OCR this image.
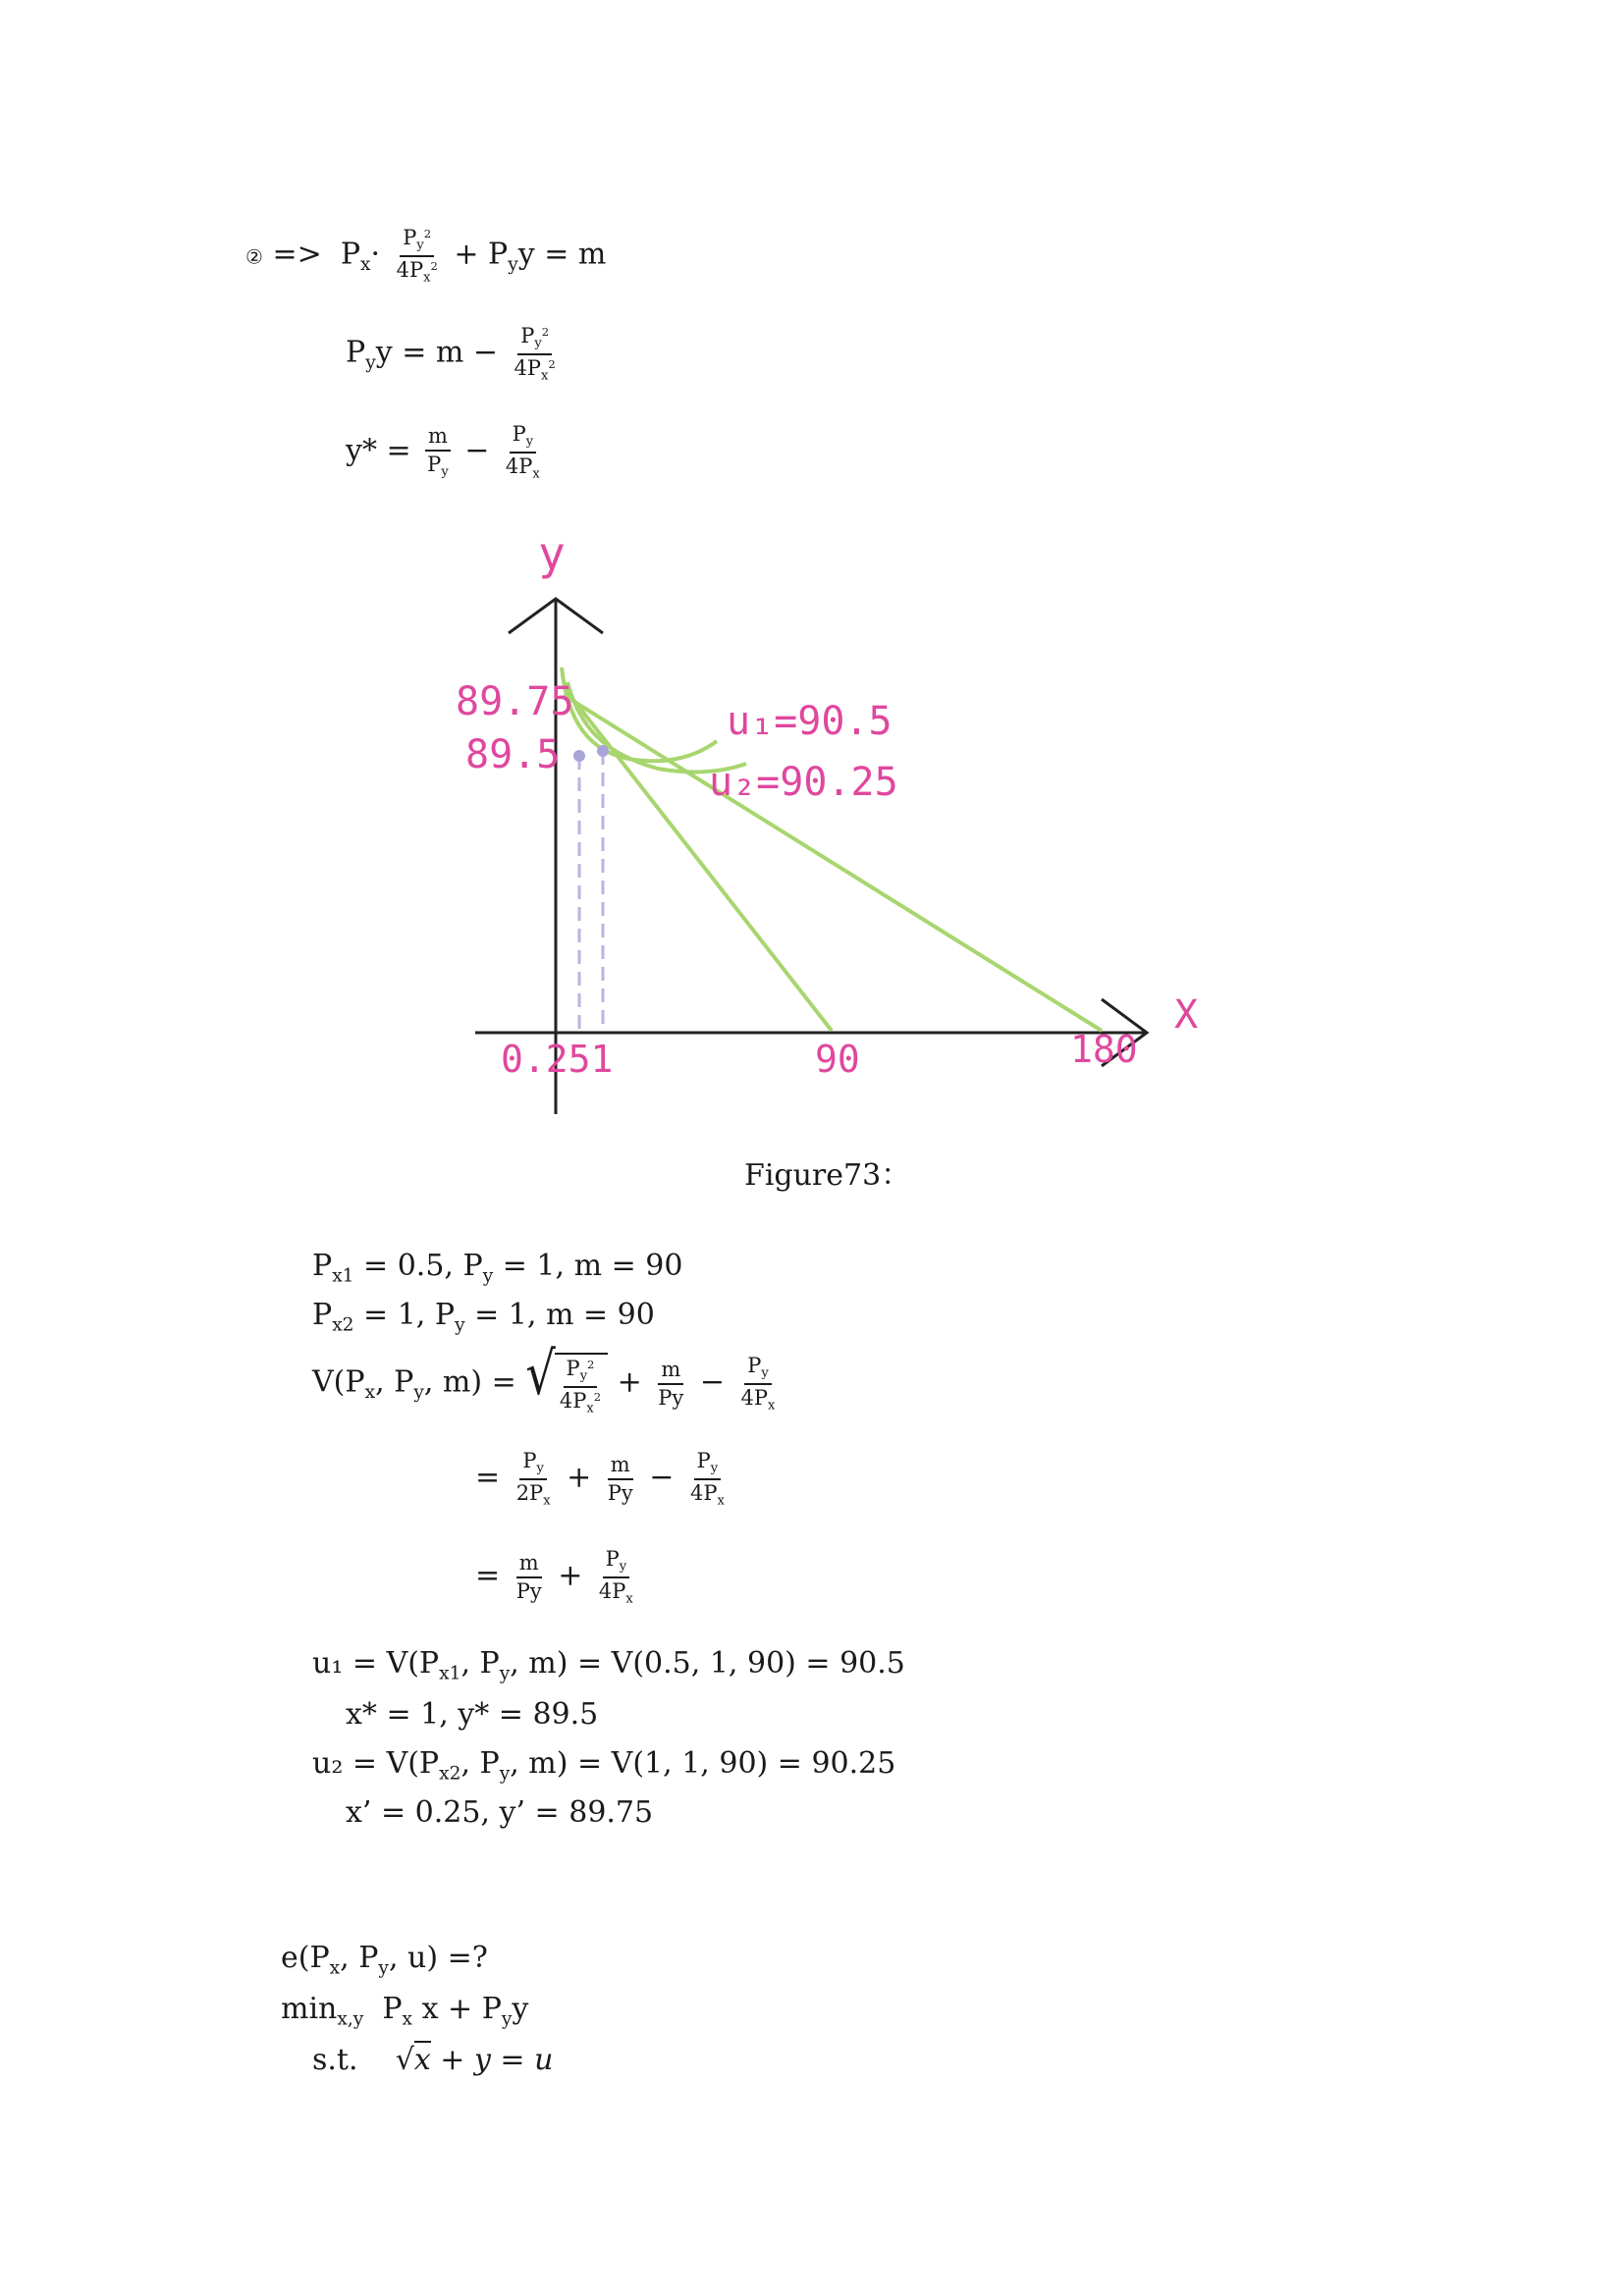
② =>  $P_x\cdot \frac{P_y^2}{4P_x^2} + P_yy = m$
$P_yy = m - \frac{P_y^2}{4P_x^2}$
$y* = \frac{m}{P_y} - \frac{P_y}{4P_x}$
y
X
89.75
89.5
u₁=90.5
u₂=90.25
0.251	90	180
Figure73：
$P_{x1} = 0.5$, $P_y = 1$, m = 90
$P_{x2} = 1$, $P_y = 1$, m = 90
$V(P_x$, $P_y$, m) = √ $\frac{P_y^2}{4P_x^2} + \frac{m}{Py} - \frac{P_y}{4P_x}$
= $\frac{P_y}{2P_x} + \frac{m}{Py} - \frac{P_y}{4P_x}$
= $\frac{m}{Py} + \frac{P_y}{4P_x}$
$u_1 = V(P_{x1}$, $P_y$, m) = V(0.5, 1, 90) = 90.5
x* = 1, y* = 89.5
$u_2 = V(P_{x2}$, $P_y$, m) = V(1, 1, 90) = 90.25
x’ = 0.25, y’ = 89.75
$e(P_x$, $P_y$, u) =?
$\min_{x,y} P_x$ $x + P_yy$
s.t. √x + y = u
